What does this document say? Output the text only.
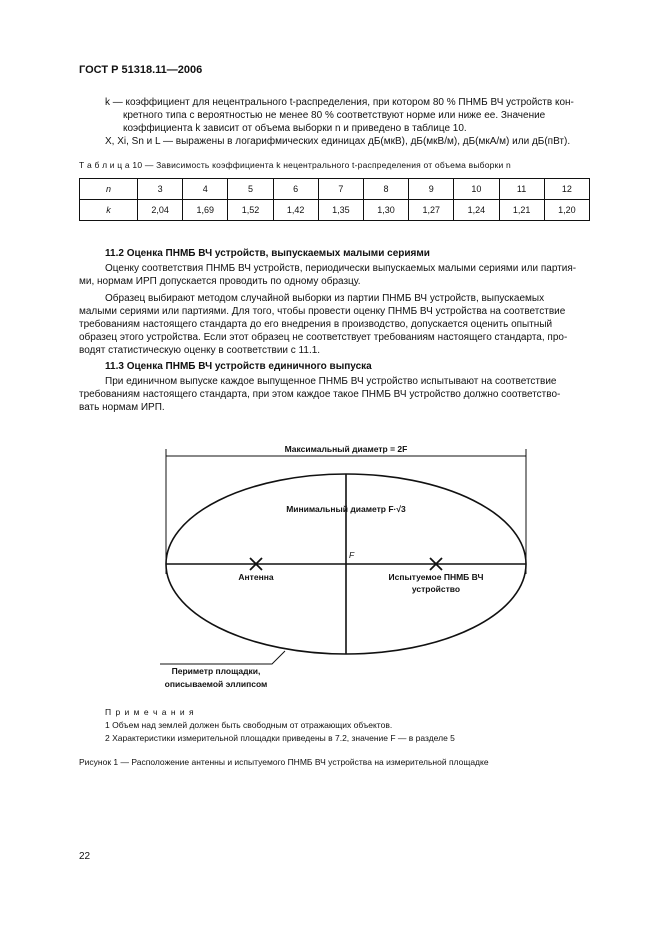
ГОСТ Р 51318.11—2006
k — коэффициент для нецентрального t-распределения, при котором 80 % ПНМБ ВЧ устройств кон-
кретного типа с вероятностью не менее 80 % соответствуют норме или ниже ее. Значение
коэффициента k зависит от объема выборки n и приведено в таблице 10.
X, Xi, Sn и L — выражены в логарифмических единицах дБ(мкВ), дБ(мкВ/м), дБ(мкА/м) или дБ(пВт).
Т а б л и ц а 10 — Зависимость коэффициента k нецентрального t-распределения от объема выборки n
n	3	4	5	6	7	8	9	10	11	12
k	2,04	1,69	1,52	1,42	1,35	1,30	1,27	1,24	1,21	1,20
11.2 Оценка ПНМБ ВЧ устройств, выпускаемых малыми сериями
Оценку соответствия ПНМБ ВЧ устройств, периодически выпускаемых малыми сериями или партия-
ми, нормам ИРП допускается проводить по одному образцу.
Образец выбирают методом случайной выборки из партии ПНМБ ВЧ устройств, выпускаемых
малыми сериями или партиями. Для того, чтобы провести оценку ПНМБ ВЧ устройства на соответствие
требованиям настоящего стандарта до его внедрения в производство, допускается оценить опытный
образец этого устройства. Если этот образец не соответствует требованиям настоящего стандарта, про-
водят статистическую оценку в соответствии с 11.1.
11.3 Оценка ПНМБ ВЧ устройств единичного выпуска
При единичном выпуске каждое выпущенное ПНМБ ВЧ устройство испытывают на соответствие
требованиям настоящего стандарта, при этом каждое такое ПНМБ ВЧ устройство должно соответство-
вать нормам ИРП.
Максимальный диаметр = 2F
Минимальный диаметр F·√3
F
Антенна	Испытуемое ПНМБ ВЧ
устройство
Периметр площадки,
описываемой эллипсом
П р и м е ч а н и я
1 Объем над землей должен быть свободным от отражающих объектов.
2 Характеристики измерительной площадки приведены в 7.2, значение F — в разделе 5
Рисунок 1 — Расположение антенны и испытуемого ПНМБ ВЧ устройства на измерительной площадке
22
